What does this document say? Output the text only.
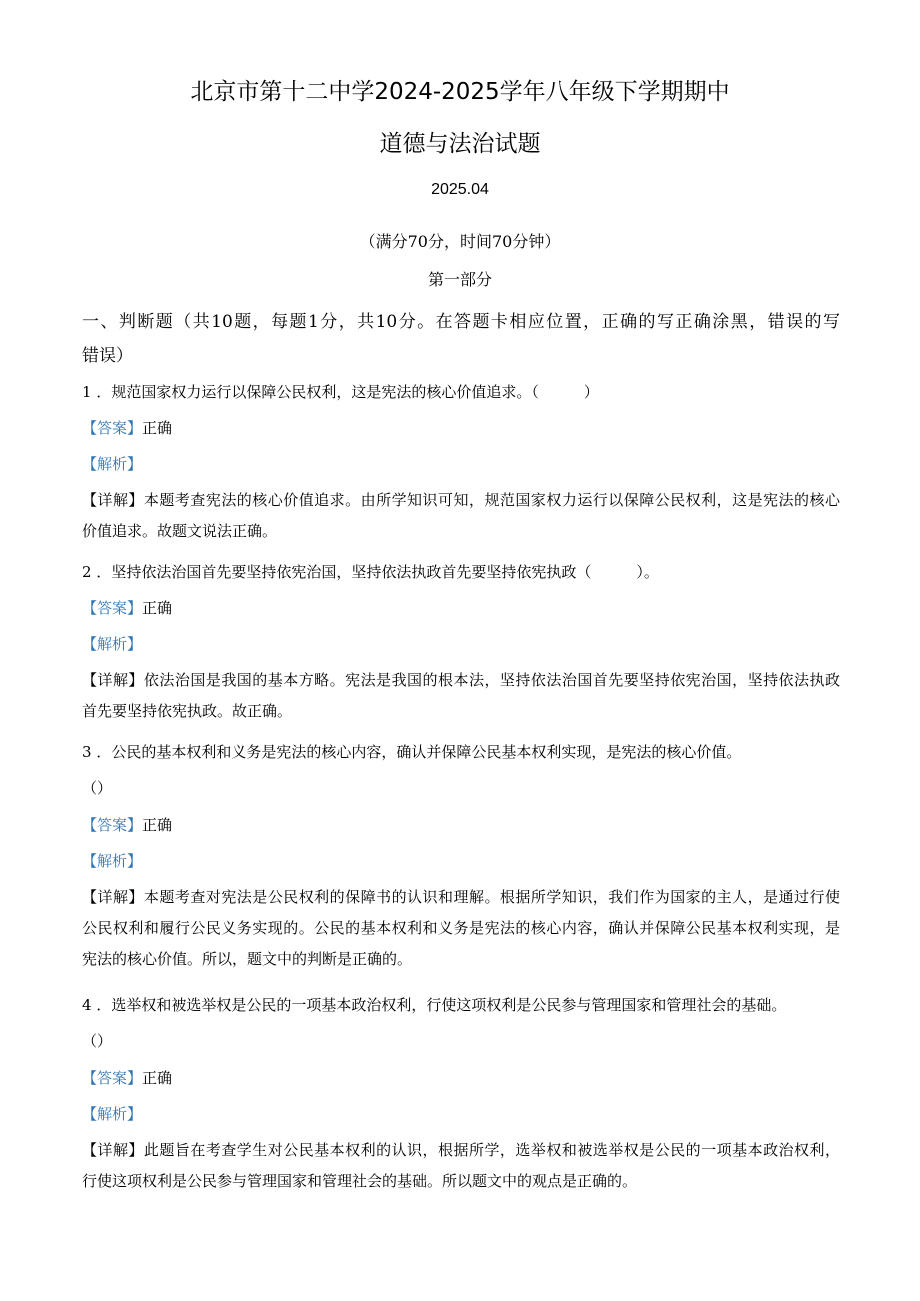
北京市第十二中学2024-2025学年八年级下学期期中
道德与法治试题
2025.04
（满分70分，时间70分钟）
第一部分
一、判断题（共10题，每题1分，共10分。在答题卡相应位置，正确的写正确涂黑，错误的写
错误）
1 ．规范国家权力运行以保障公民权利，这是宪法的核心价值追求。（　　　）
【答案】正确
【解析】
【详解】本题考查宪法的核心价值追求。由所学知识可知，规范国家权力运行以保障公民权利，这是宪法的核心
价值追求。故题文说法正确。
2 ．坚持依法治国首先要坚持依宪治国，坚持依法执政首先要坚持依宪执政（　　　）。
【答案】正确
【解析】
【详解】依法治国是我国的基本方略。宪法是我国的根本法，坚持依法治国首先要坚持依宪治国，坚持依法执政
首先要坚持依宪执政。故正确。
3 ．公民的基本权利和义务是宪法的核心内容，确认并保障公民基本权利实现，是宪法的核心价值。
（）
【答案】正确
【解析】
【详解】本题考查对宪法是公民权利的保障书的认识和理解。根据所学知识，我们作为国家的主人，是通过行使
公民权利和履行公民义务实现的。公民的基本权利和义务是宪法的核心内容，确认并保障公民基本权利实现，是
宪法的核心价值。所以，题文中的判断是正确的。
4 ．选举权和被选举权是公民的一项基本政治权利，行使这项权利是公民参与管理国家和管理社会的基础。
（）
【答案】正确
【解析】
【详解】此题旨在考查学生对公民基本权利的认识，根据所学，选举权和被选举权是公民的一项基本政治权利，
行使这项权利是公民参与管理国家和管理社会的基础。所以题文中的观点是正确的。
